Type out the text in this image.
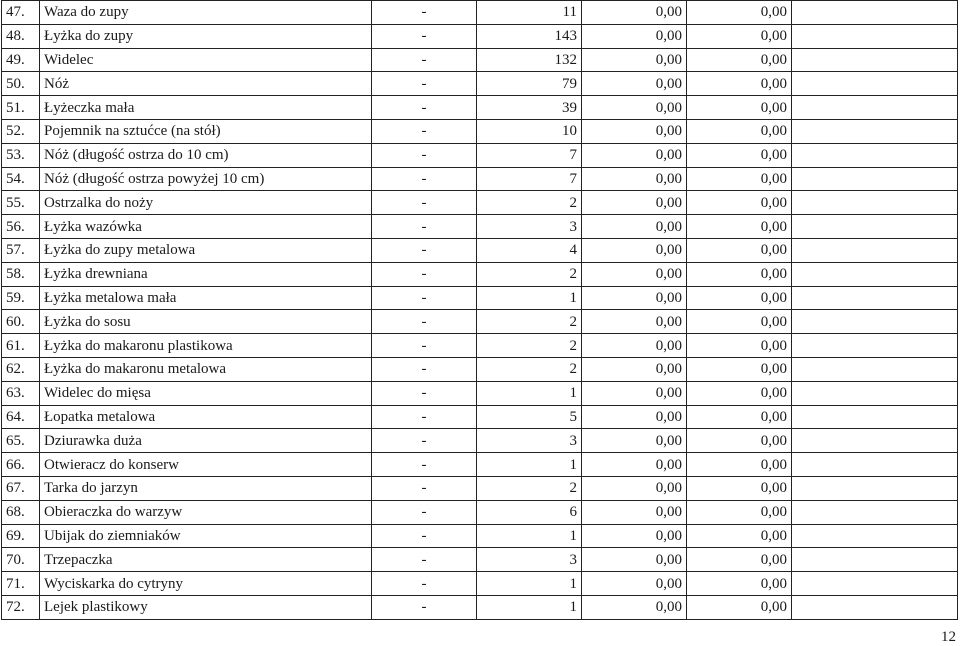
47.	Waza do zupy	-	11	0,00	0,00	
48.	Łyżka do zupy	-	143	0,00	0,00	
49.	Widelec	-	132	0,00	0,00	
50.	Nóż	-	79	0,00	0,00	
51.	Łyżeczka mała	-	39	0,00	0,00	
52.	Pojemnik na sztućce (na stół)	-	10	0,00	0,00	
53.	Nóż (długość ostrza do 10 cm)	-	7	0,00	0,00	
54.	Nóż (długość ostrza powyżej 10 cm)	-	7	0,00	0,00	
55.	Ostrzalka do noży	-	2	0,00	0,00	
56.	Łyżka wazówka	-	3	0,00	0,00	
57.	Łyżka do zupy metalowa	-	4	0,00	0,00	
58.	Łyżka drewniana	-	2	0,00	0,00	
59.	Łyżka metalowa mała	-	1	0,00	0,00	
60.	Łyżka do sosu	-	2	0,00	0,00	
61.	Łyżka do makaronu plastikowa	-	2	0,00	0,00	
62.	Łyżka do makaronu metalowa	-	2	0,00	0,00	
63.	Widelec do mięsa	-	1	0,00	0,00	
64.	Łopatka metalowa	-	5	0,00	0,00	
65.	Dziurawka duża	-	3	0,00	0,00	
66.	Otwieracz do konserw	-	1	0,00	0,00	
67.	Tarka do jarzyn	-	2	0,00	0,00	
68.	Obieraczka do warzyw	-	6	0,00	0,00	
69.	Ubijak do ziemniaków	-	1	0,00	0,00	
70.	Trzepaczka	-	3	0,00	0,00	
71.	Wyciskarka do cytryny	-	1	0,00	0,00	
72.	Lejek plastikowy	-	1	0,00	0,00	
12
